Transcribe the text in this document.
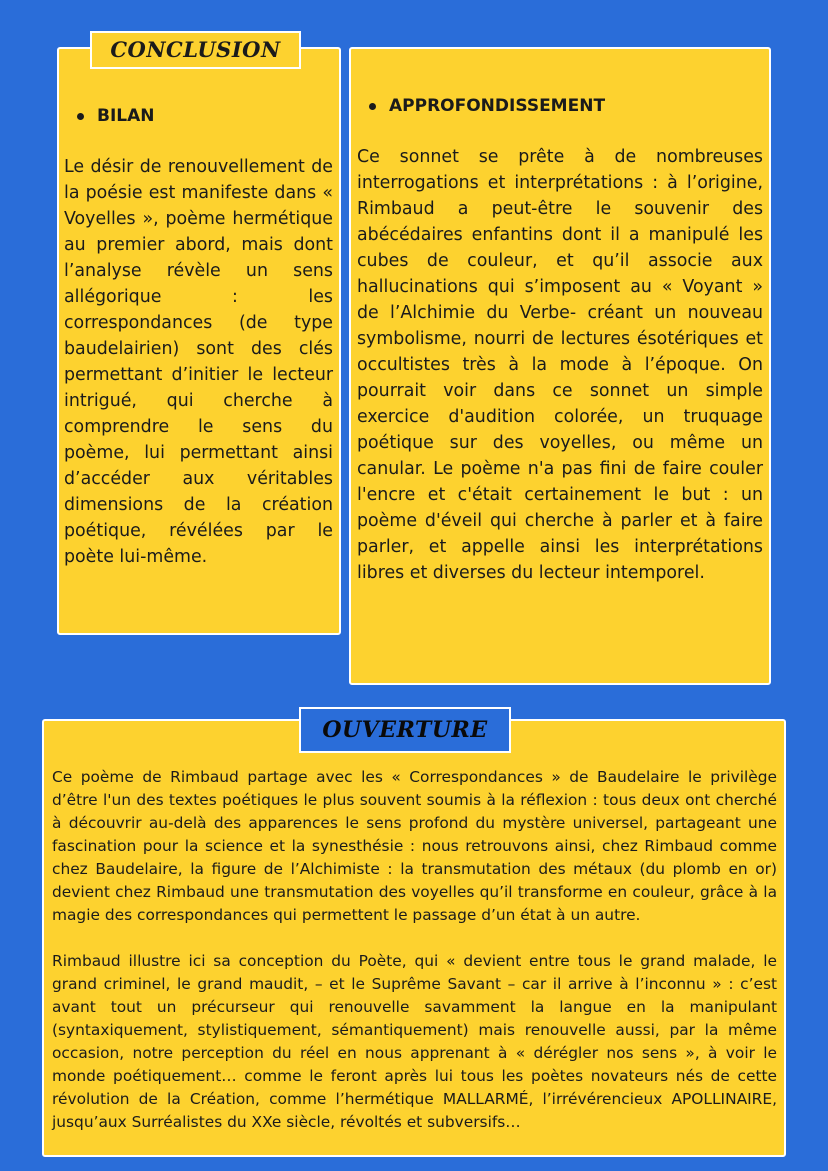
CONCLUSION
BILAN

Le désir de renouvellement de la poésie est manifeste dans « Voyelles », poème hermétique au premier abord, mais dont l’analyse révèle un sens allégorique : les correspondances (de type baudelairien) sont des clés permettant d’initier le lecteur intrigué, qui cherche à comprendre le sens du poème, lui permettant ainsi d’accéder aux véritables dimensions de la création poétique, révélées par le poète lui-même.

APPROFONDISSEMENT

Ce sonnet se prête à de nombreuses interrogations et interprétations : à l’origine, Rimbaud a peut-être le souvenir des abécédaires enfantins dont il a manipulé les cubes de couleur, et qu’il associe aux hallucinations qui s’imposent au « Voyant » de l’Alchimie du Verbe- créant un nouveau symbolisme, nourri de lectures ésotériques et occultistes très à la mode à l’époque. On pourrait voir dans ce sonnet un simple exercice d'audition colorée, un truquage poétique sur des voyelles, ou même un canular. Le poème n'a pas fini de faire couler l'encre et c'était certainement le but : un poème d'éveil qui cherche à parler et à faire parler, et appelle ainsi les interprétations libres et diverses du lecteur intemporel.

OUVERTURE

Ce poème de Rimbaud partage avec les « Correspondances » de Baudelaire le privilège d’être l'un des textes poétiques le plus souvent soumis à la réflexion : tous deux ont cherché à découvrir au-delà des apparences le sens profond du mystère universel, partageant une fascination pour la science et la synesthésie : nous retrouvons ainsi, chez Rimbaud comme chez Baudelaire, la figure de l’Alchimiste : la transmutation des métaux (du plomb en or) devient chez Rimbaud une transmutation des voyelles qu’il transforme en couleur, grâce à la magie des correspondances qui permettent le passage d’un état à un autre.

Rimbaud illustre ici sa conception du Poète, qui « devient entre tous le grand malade, le grand criminel, le grand maudit, – et le Suprême Savant – car il arrive à l’inconnu » : c’est avant tout un précurseur qui renouvelle savamment la langue en la manipulant (syntaxiquement, stylistiquement, sémantiquement) mais renouvelle aussi, par la même occasion, notre perception du réel en nous apprenant à « dérégler nos sens », à voir le monde poétiquement… comme le feront après lui tous les poètes novateurs nés de cette révolution de la Création, comme l’hermétique MALLARMÉ, l’irrévérencieux APOLLINAIRE, jusqu’aux Surréalistes du XXe siècle, révoltés et subversifs…
